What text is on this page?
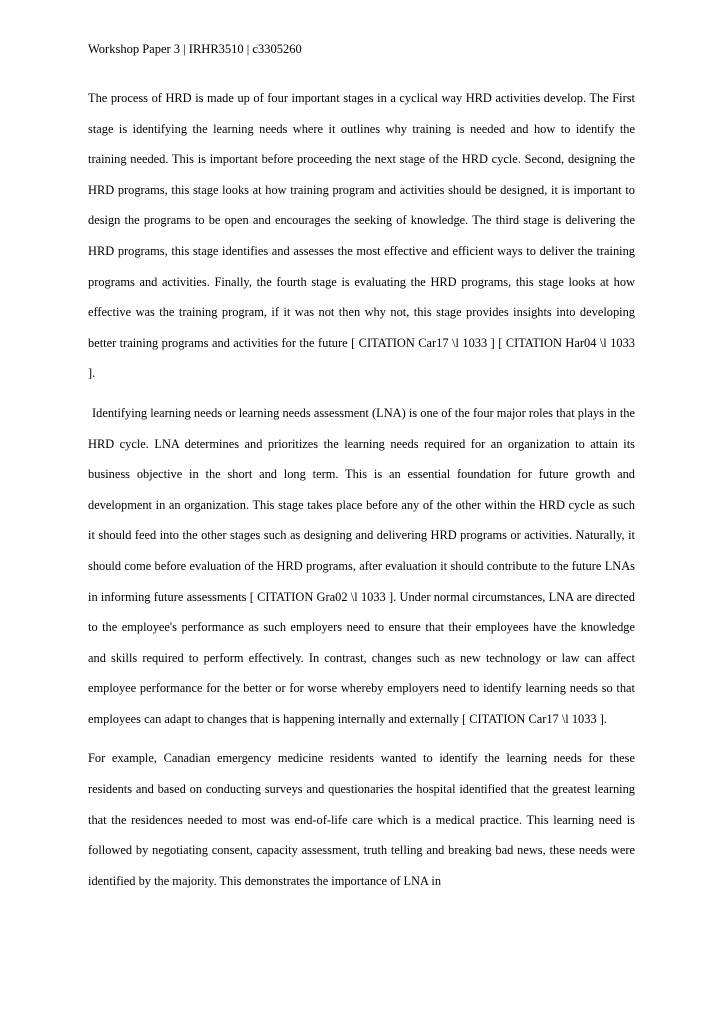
Workshop Paper 3 | IRHR3510 | c3305260

The process of HRD is made up of four important stages in a cyclical way HRD activities develop. The First stage is identifying the learning needs where it outlines why training is needed and how to identify the training needed. This is important before proceeding the next stage of the HRD cycle. Second, designing the HRD programs, this stage looks at how training program and activities should be designed, it is important to design the programs to be open and encourages the seeking of knowledge. The third stage is delivering the HRD programs, this stage identifies and assesses the most effective and efficient ways to deliver the training programs and activities. Finally, the fourth stage is evaluating the HRD programs, this stage looks at how effective was the training program, if it was not then why not, this stage provides insights into developing better training programs and activities for the future [ CITATION Car17 \l 1033 ] [ CITATION Har04 \l 1033 ].

Identifying learning needs or learning needs assessment (LNA) is one of the four major roles that plays in the HRD cycle. LNA determines and prioritizes the learning needs required for an organization to attain its business objective in the short and long term. This is an essential foundation for future growth and development in an organization. This stage takes place before any of the other within the HRD cycle as such it should feed into the other stages such as designing and delivering HRD programs or activities. Naturally, it should come before evaluation of the HRD programs, after evaluation it should contribute to the future LNAs in informing future assessments [ CITATION Gra02 \l 1033 ]. Under normal circumstances, LNA are directed to the employee's performance as such employers need to ensure that their employees have the knowledge and skills required to perform effectively. In contrast, changes such as new technology or law can affect employee performance for the better or for worse whereby employers need to identify learning needs so that employees can adapt to changes that is happening internally and externally [ CITATION Car17 \l 1033 ].

For example, Canadian emergency medicine residents wanted to identify the learning needs for these residents and based on conducting surveys and questionaries the hospital identified that the greatest learning that the residences needed to most was end-of-life care which is a medical practice. This learning need is followed by negotiating consent, capacity assessment, truth telling and breaking bad news, these needs were identified by the majority. This demonstrates the importance of LNA in
